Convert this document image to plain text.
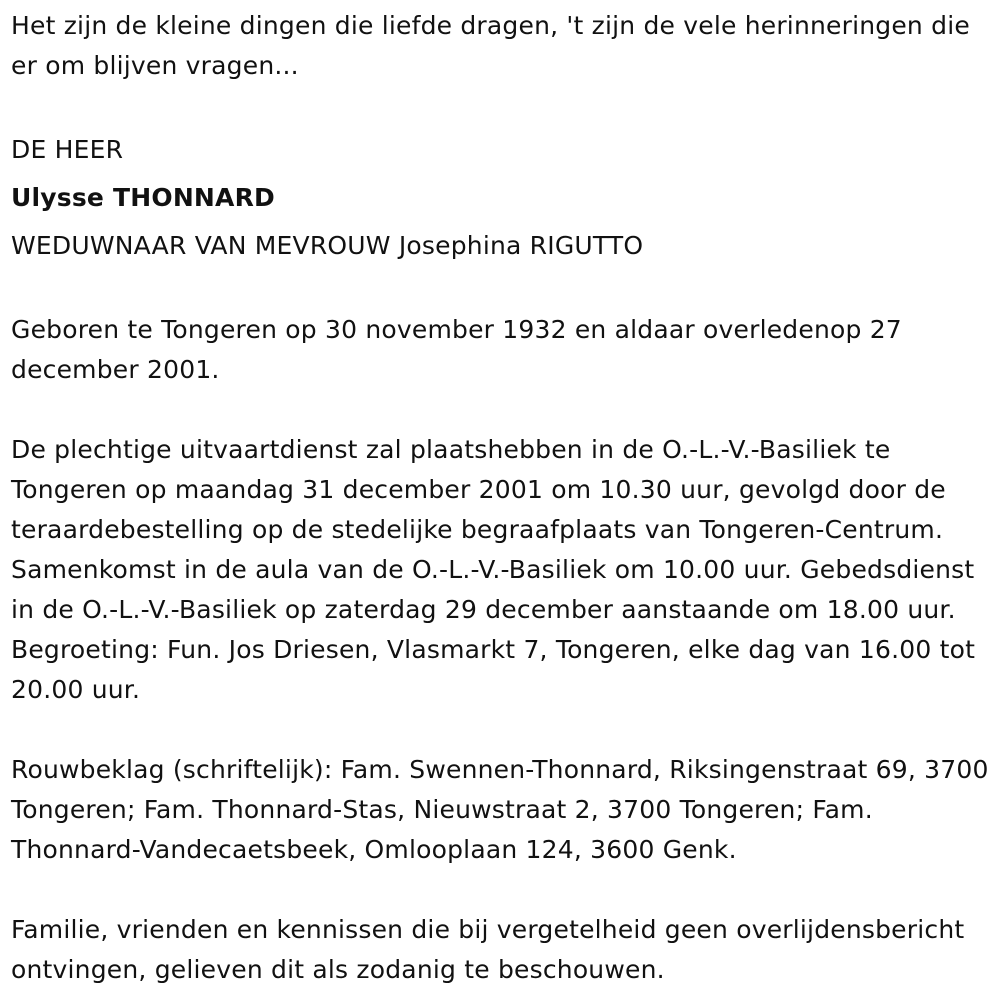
Het zijn de kleine dingen die liefde dragen, 't zijn de vele herinneringen die er om blijven vragen...

DE HEER

Ulysse THONNARD

WEDUWNAAR VAN MEVROUW Josephina RIGUTTO

Geboren te Tongeren op 30 november 1932 en aldaar overledenop 27 december 2001.

De plechtige uitvaartdienst zal plaatshebben in de O.-L.-V.-Basiliek te Tongeren op maandag 31 december 2001 om 10.30 uur, gevolgd door de teraardebestelling op de stedelijke begraafplaats van Tongeren-Centrum. Samenkomst in de aula van de O.-L.-V.-Basiliek om 10.00 uur. Gebedsdienst in de O.-L.-V.-Basiliek op zaterdag 29 december aanstaande om 18.00 uur. Begroeting: Fun. Jos Driesen, Vlasmarkt 7, Tongeren, elke dag van 16.00 tot 20.00 uur.

Rouwbeklag (schriftelijk): Fam. Swennen-Thonnard, Riksingenstraat 69, 3700 Tongeren; Fam. Thonnard-Stas, Nieuwstraat 2, 3700 Tongeren; Fam. Thonnard-Vandecaetsbeek, Omlooplaan 124, 3600 Genk.

Familie, vrienden en kennissen die bij vergetelheid geen overlijdensbericht ontvingen, gelieven dit als zodanig te beschouwen.
